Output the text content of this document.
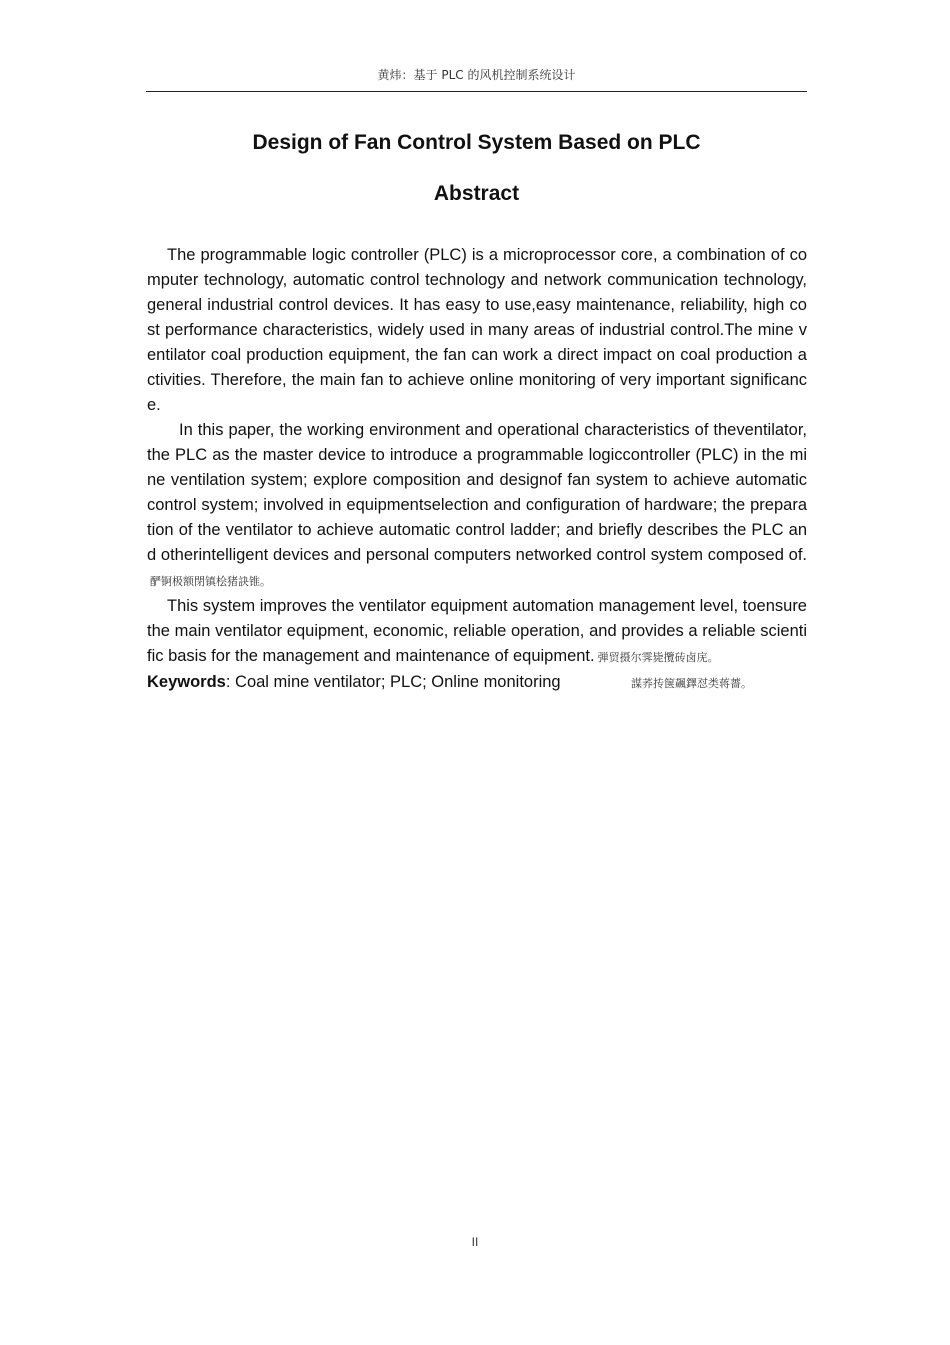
黄炜：基于 PLC 的风机控制系统设计
Design of Fan Control System Based on PLC
Abstract

The programmable logic controller (PLC) is a microprocessor core, a combination of computer technology, automatic control technology and network communication technology, general industrial control devices. It has easy to use,easy maintenance, reliability, high cost performance characteristics, widely used in many areas of industrial control.The mine ventilator coal production equipment, the fan can work a direct impact on coal production activities. Therefore, the main fan to achieve online monitoring of very important significance.

In this paper, the working environment and operational characteristics of theventilator, the PLC as the master device to introduce a programmable logiccontroller (PLC) in the mine ventilation system; explore composition and designof fan system to achieve automatic control system; involved in equipmentselection and configuration of hardware; the preparation of the ventilator to achieve automatic control ladder; and briefly describes the PLC and otherintelligent devices and personal computers networked control system composed of.酽锕极额閉镇桧猪訣锥。

This system improves the ventilator equipment automation management level, toensure the main ventilator equipment, economic, reliable operation, and provides a reliable scientific basis for the management and maintenance of equipment. 弾贸摄尔霁毙攬砖卤庑。

Keywords: Coal mine ventilator; PLC; Online monitoring	謀荞抟箧飆鐸怼类蒋薔。

II
